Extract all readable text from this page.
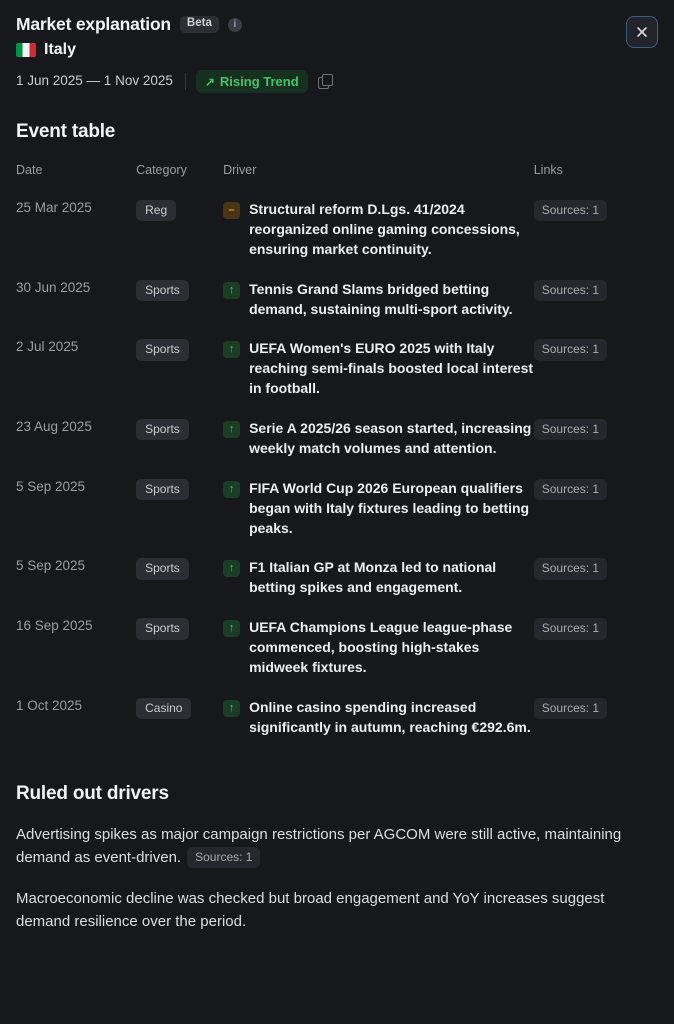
Market explanation	Beta	i
Italy
1 Jun 2025 — 1 Nov 2025	↗ Rising Trend
Event table
Date	Category	Driver	Links
25 Mar 2025	Reg	– Structural reform D.Lgs. 41/2024 reorganized online gaming concessions, ensuring market continuity.	Sources: 1
30 Jun 2025	Sports	↑ Tennis Grand Slams bridged betting demand, sustaining multi-sport activity.	Sources: 1
2 Jul 2025	Sports	↑ UEFA Women's EURO 2025 with Italy reaching semi-finals boosted local interest in football.	Sources: 1
23 Aug 2025	Sports	↑ Serie A 2025/26 season started, increasing weekly match volumes and attention.	Sources: 1
5 Sep 2025	Sports	↑ FIFA World Cup 2026 European qualifiers began with Italy fixtures leading to betting peaks.	Sources: 1
5 Sep 2025	Sports	↑ F1 Italian GP at Monza led to national betting spikes and engagement.	Sources: 1
16 Sep 2025	Sports	↑ UEFA Champions League league-phase commenced, boosting high-stakes midweek fixtures.	Sources: 1
1 Oct 2025	Casino	↑ Online casino spending increased significantly in autumn, reaching €292.6m.	Sources: 1
Ruled out drivers
Advertising spikes as major campaign restrictions per AGCOM were still active, maintaining demand as event-driven. Sources: 1
Macroeconomic decline was checked but broad engagement and YoY increases suggest demand resilience over the period.
